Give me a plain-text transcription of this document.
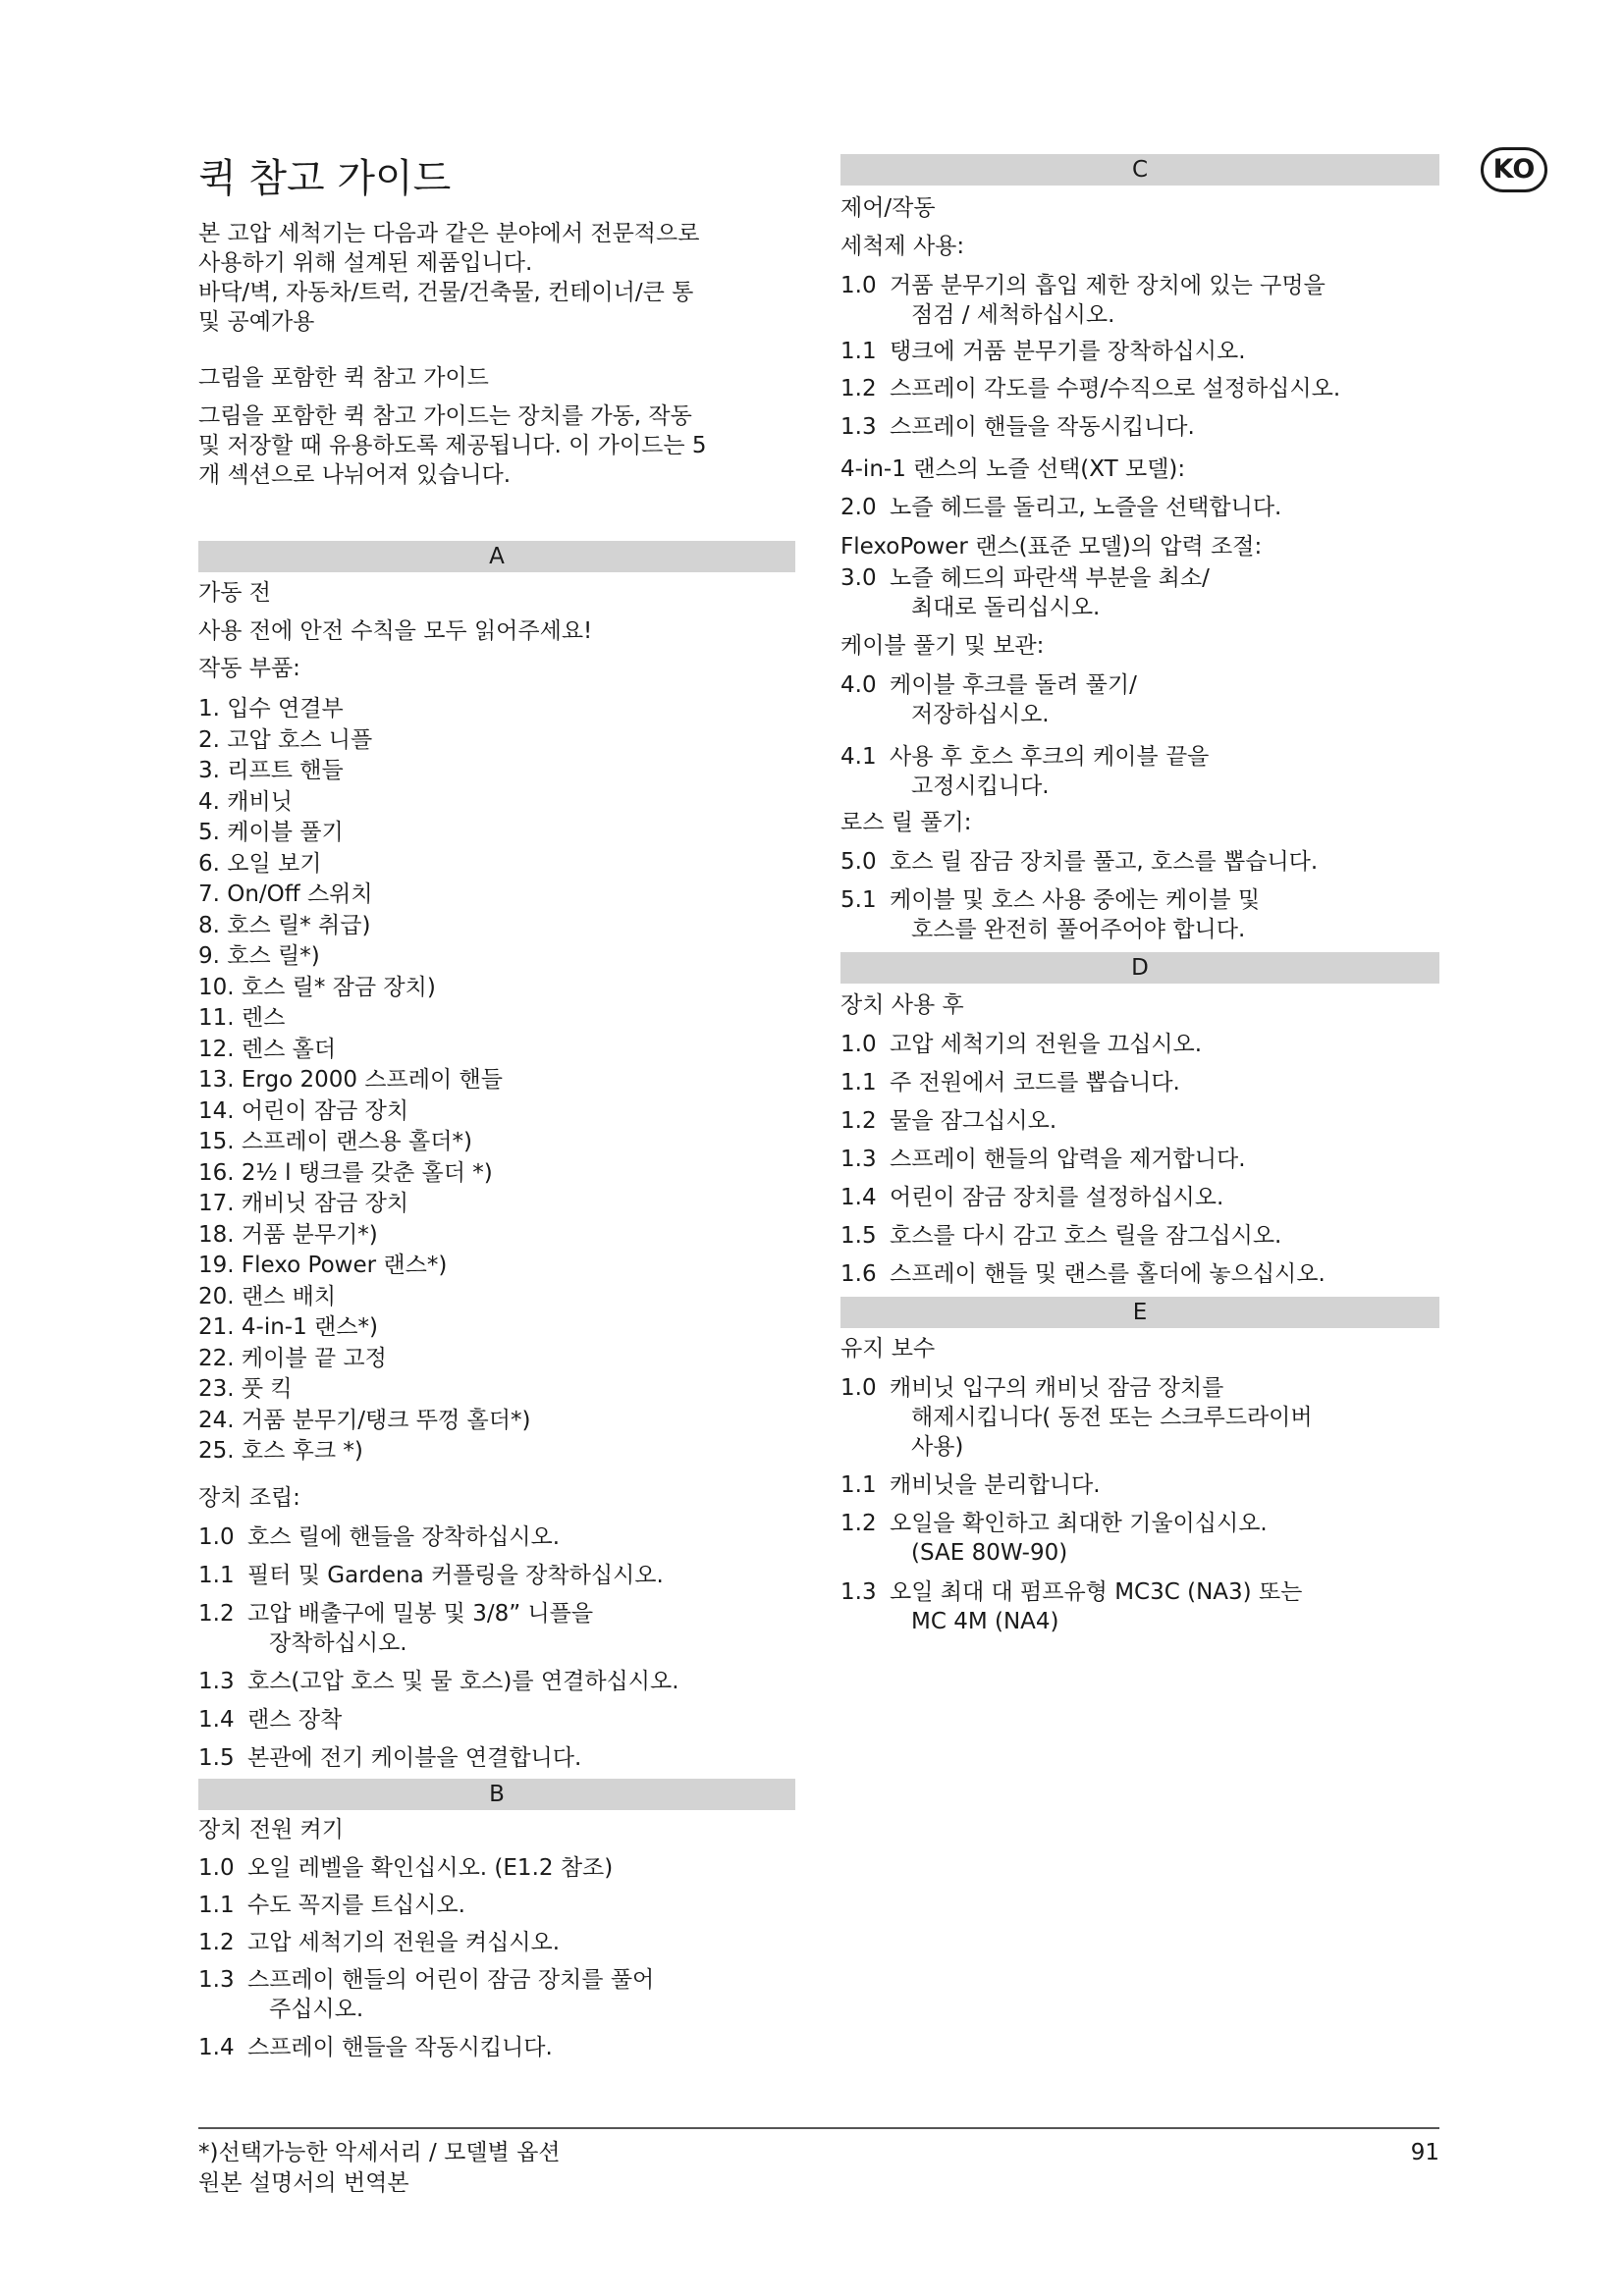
KO
퀵 참고 가이드
본 고압 세척기는 다음과 같은 분야에서 전문적으로
사용하기 위해 설계된 제품입니다.
바닥/벽, 자동차/트럭, 건물/건축물, 컨테이너/큰 통
및 공예가용
그림을 포함한 퀵 참고 가이드
그림을 포함한 퀵 참고 가이드는 장치를 가동, 작동
및 저장할 때 유용하도록 제공됩니다. 이 가이드는 5
개 섹션으로 나뉘어져 있습니다.
A
가동 전
사용 전에 안전 수칙을 모두 읽어주세요!
작동 부품:
1. 입수 연결부
2. 고압 호스 니플
3. 리프트 핸들
4. 캐비닛
5. 케이블 풀기
6. 오일 보기
7. On/Off 스위치
8. 호스 릴* 취급)
9. 호스 릴*)
10. 호스 릴* 잠금 장치)
11. 렌스
12. 렌스 홀더
13. Ergo 2000 스프레이 핸들
14. 어린이 잠금 장치
15. 스프레이 랜스용 홀더*)
16. 2½ l 탱크를 갖춘 홀더 *)
17. 캐비닛 잠금 장치
18. 거품 분무기*)
19. Flexo Power 랜스*)
20. 랜스 배치
21. 4-in-1 랜스*)
22. 케이블 끝 고정
23. 풋 킥
24. 거품 분무기/탱크 뚜껑 홀더*)
25. 호스 후크 *)
장치 조립:
1.0 호스 릴에 핸들을 장착하십시오.
1.1 필터 및 Gardena 커플링을 장착하십시오.
1.2 고압 배출구에 밀봉 및 3/8” 니플을
장착하십시오.
1.3 호스(고압 호스 및 물 호스)를 연결하십시오.
1.4 랜스 장착
1.5 본관에 전기 케이블을 연결합니다.
B
장치 전원 켜기
1.0 오일 레벨을 확인십시오. (E1.2 참조)
1.1 수도 꼭지를 트십시오.
1.2 고압 세척기의 전원을 켜십시오.
1.3 스프레이 핸들의 어린이 잠금 장치를 풀어
주십시오.
1.4 스프레이 핸들을 작동시킵니다.
C
제어/작동
세척제 사용:
1.0 거품 분무기의 흡입 제한 장치에 있는 구멍을
점검 / 세척하십시오.
1.1 탱크에 거품 분무기를 장착하십시오.
1.2 스프레이 각도를 수평/수직으로 설정하십시오.
1.3 스프레이 핸들을 작동시킵니다.
4-in-1 랜스의 노즐 선택(XT 모델):
2.0 노즐 헤드를 돌리고, 노즐을 선택합니다.
FlexoPower 랜스(표준 모델)의 압력 조절:
3.0 노즐 헤드의 파란색 부분을 최소/
최대로 돌리십시오.
케이블 풀기 및 보관:
4.0 케이블 후크를 돌려 풀기/
저장하십시오.
4.1 사용 후 호스 후크의 케이블 끝을
고정시킵니다.
로스 릴 풀기:
5.0 호스 릴 잠금 장치를 풀고, 호스를 뽑습니다.
5.1 케이블 및 호스 사용 중에는 케이블 및
호스를 완전히 풀어주어야 합니다.
D
장치 사용 후
1.0 고압 세척기의 전원을 끄십시오.
1.1 주 전원에서 코드를 뽑습니다.
1.2 물을 잠그십시오.
1.3 스프레이 핸들의 압력을 제거합니다.
1.4 어린이 잠금 장치를 설정하십시오.
1.5 호스를 다시 감고 호스 릴을 잠그십시오.
1.6 스프레이 핸들 및 랜스를 홀더에 놓으십시오.
E
유지 보수
1.0 캐비닛 입구의 캐비닛 잠금 장치를
해제시킵니다( 동전 또는 스크루드라이버
사용)
1.1 캐비닛을 분리합니다.
1.2 오일을 확인하고 최대한 기울이십시오.
(SAE 80W-90)
1.3 오일 최대 대 펌프유형 MC3C (NA3) 또는
MC 4M (NA4)
*)선택가능한 악세서리 / 모델별 옵션
원본 설명서의 번역본
91
